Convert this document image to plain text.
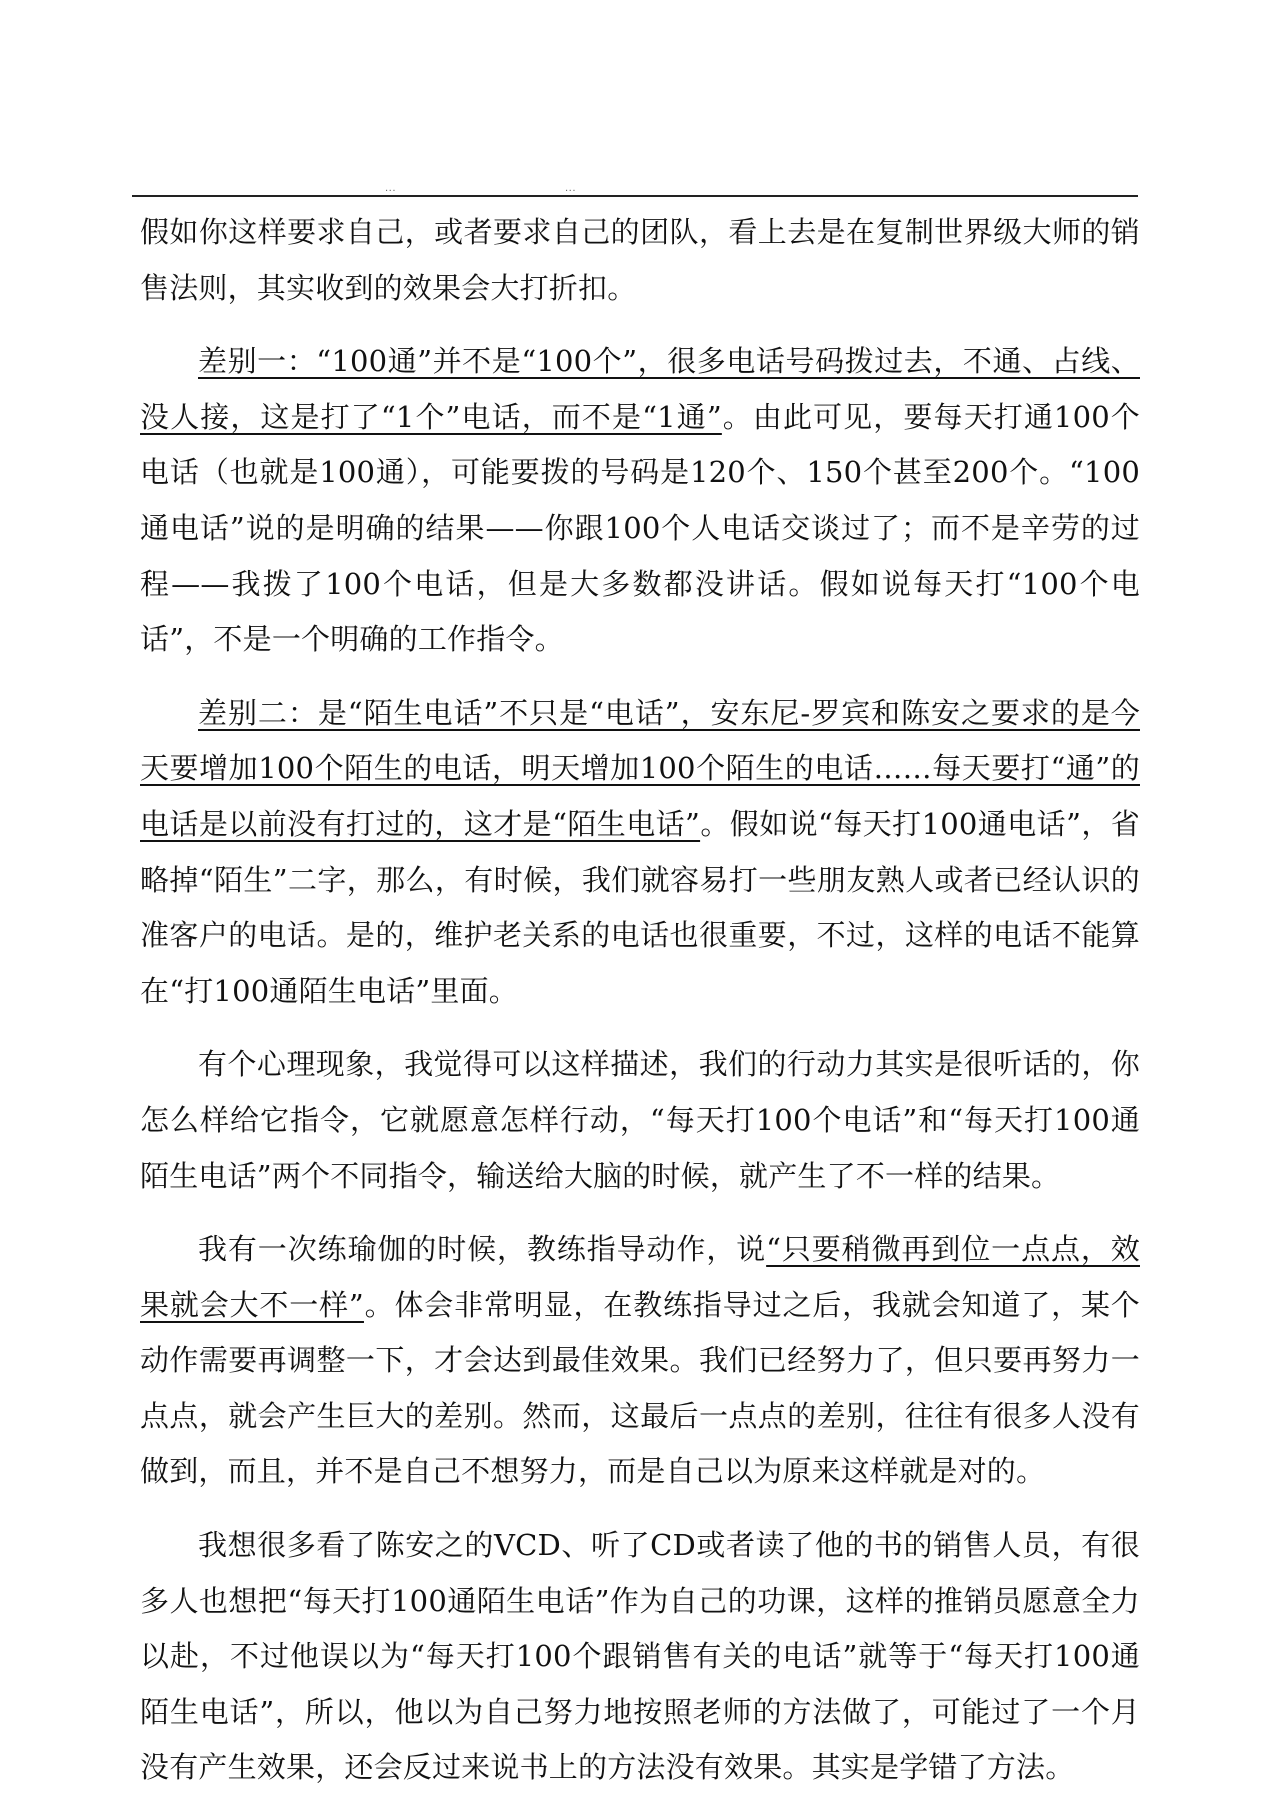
...	...

假如你这样要求自己，或者要求自己的团队，看上去是在复制世界级大师的销售法则，其实收到的效果会大打折扣。

差别一：“100通”并不是“100个”，很多电话号码拨过去，不通、占线、没人接，这是打了“1个”电话，而不是“1通”。由此可见，要每天打通100个电话（也就是100通），可能要拨的号码是120个、150个甚至200个。“100通电话”说的是明确的结果——你跟100个人电话交谈过了；而不是辛劳的过程——我拨了100个电话，但是大多数都没讲话。假如说每天打“100个电话”，不是一个明确的工作指令。

差别二：是“陌生电话”不只是“电话”，安东尼-罗宾和陈安之要求的是今天要增加100个陌生的电话，明天增加100个陌生的电话……每天要打“通”的电话是以前没有打过的，这才是“陌生电话”。假如说“每天打100通电话”，省略掉“陌生”二字，那么，有时候，我们就容易打一些朋友熟人或者已经认识的准客户的电话。是的，维护老关系的电话也很重要，不过，这样的电话不能算在“打100通陌生电话”里面。

有个心理现象，我觉得可以这样描述，我们的行动力其实是很听话的，你怎么样给它指令，它就愿意怎样行动，“每天打100个电话”和“每天打100通陌生电话”两个不同指令，输送给大脑的时候，就产生了不一样的结果。

我有一次练瑜伽的时候，教练指导动作，说“只要稍微再到位一点点，效果就会大不一样”。体会非常明显，在教练指导过之后，我就会知道了，某个动作需要再调整一下，才会达到最佳效果。我们已经努力了，但只要再努力一点点，就会产生巨大的差别。然而，这最后一点点的差别，往往有很多人没有做到，而且，并不是自己不想努力，而是自己以为原来这样就是对的。

我想很多看了陈安之的VCD、听了CD或者读了他的书的销售人员，有很多人也想把“每天打100通陌生电话”作为自己的功课，这样的推销员愿意全力以赴，不过他误以为“每天打100个跟销售有关的电话”就等于“每天打100通陌生电话”，所以，他以为自己努力地按照老师的方法做了，可能过了一个月没有产生效果，还会反过来说书上的方法没有效果。其实是学错了方法。
